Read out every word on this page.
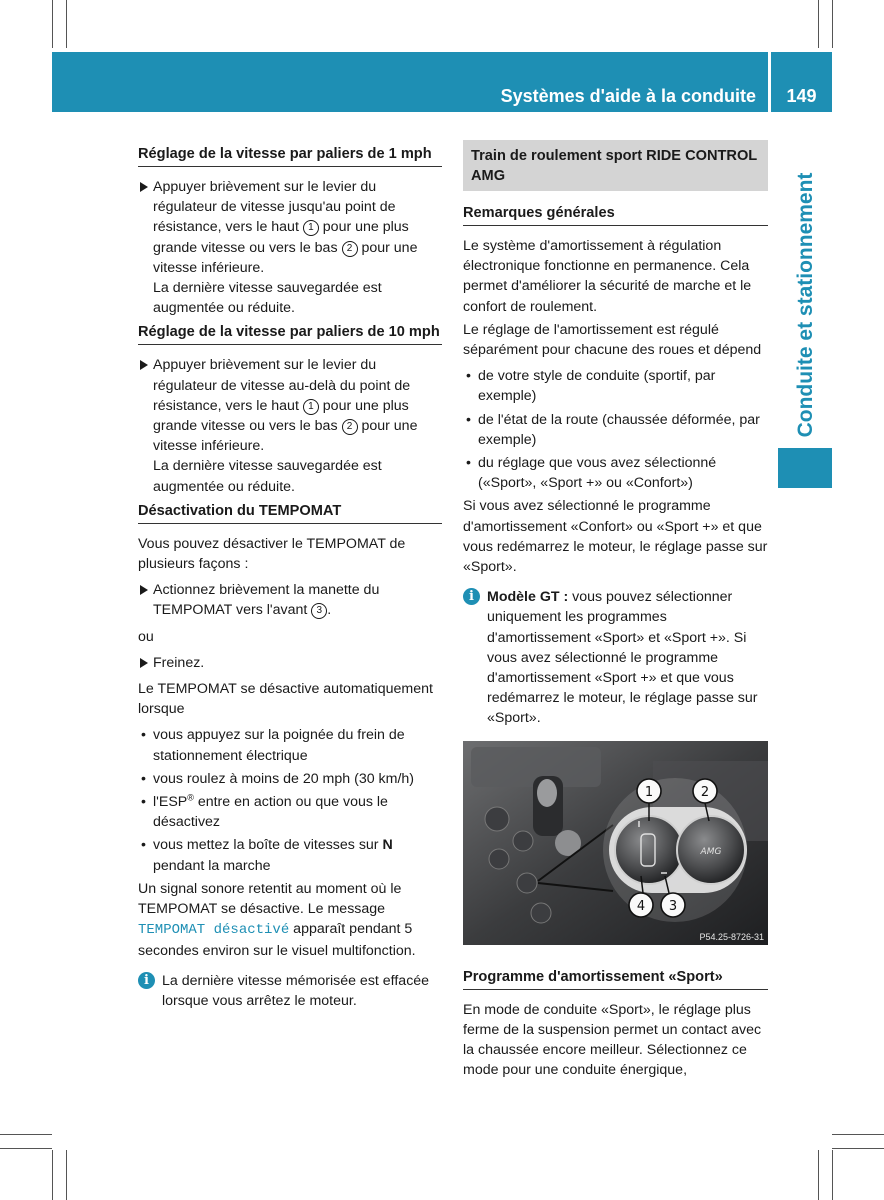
Systèmes d'aide à la conduite	149
Conduite et stationnement
Réglage de la vitesse par paliers de 1 mph
Appuyer brièvement sur le levier du régulateur de vitesse jusqu'au point de résistance, vers le haut 1 pour une plus grande vitesse ou vers le bas 2 pour une vitesse inférieure.
La dernière vitesse sauvegardée est augmentée ou réduite.
Réglage de la vitesse par paliers de 10 mph
Appuyer brièvement sur le levier du régulateur de vitesse au-delà du point de résistance, vers le haut 1 pour une plus grande vitesse ou vers le bas 2 pour une vitesse inférieure.
La dernière vitesse sauvegardée est augmentée ou réduite.
Désactivation du TEMPOMAT

Vous pouvez désactiver le TEMPOMAT de plusieurs façons :

Actionnez brièvement la manette du TEMPOMAT vers l'avant 3 .

ou

Freinez.

Le TEMPOMAT se désactive automatiquement lorsque

• vous appuyez sur la poignée du frein de stationnement électrique
• vous roulez à moins de 20 mph (30 km/h)
• l'ESP® entre en action ou que vous le désactivez
• vous mettez la boîte de vitesses sur N pendant la marche

Un signal sonore retentit au moment où le TEMPOMAT se désactive. Le message TEMPOMAT désactivé apparaît pendant 5 secondes environ sur le visuel multifonction.

i La dernière vitesse mémorisée est effacée lorsque vous arrêtez le moteur.
Train de roulement sport RIDE CONTROL AMG
Remarques générales

Le système d'amortissement à régulation électronique fonctionne en permanence. Cela permet d'améliorer la sécurité de marche et le confort de roulement.

Le réglage de l'amortissement est régulé séparément pour chacune des roues et dépend

• de votre style de conduite (sportif, par exemple)
• de l'état de la route (chaussée déformée, par exemple)
• du réglage que vous avez sélectionné («Sport», «Sport +» ou «Confort»)

Si vous avez sélectionné le programme d'amortissement «Confort» ou «Sport +» et que vous redémarrez le moteur, le réglage passe sur «Sport».

i Modèle GT : vous pouvez sélectionner uniquement les programmes d'amortissement «Sport» et «Sport +». Si vous avez sélectionné le programme d'amortissement «Sport +» et que vous redémarrez le moteur, le réglage passe sur «Sport».
AMG
1	2
3
4
P54.25-8726-31
Programme d'amortissement «Sport»

En mode de conduite «Sport», le réglage plus ferme de la suspension permet un contact avec la chaussée encore meilleur. Sélectionnez ce mode pour une conduite énergique,
